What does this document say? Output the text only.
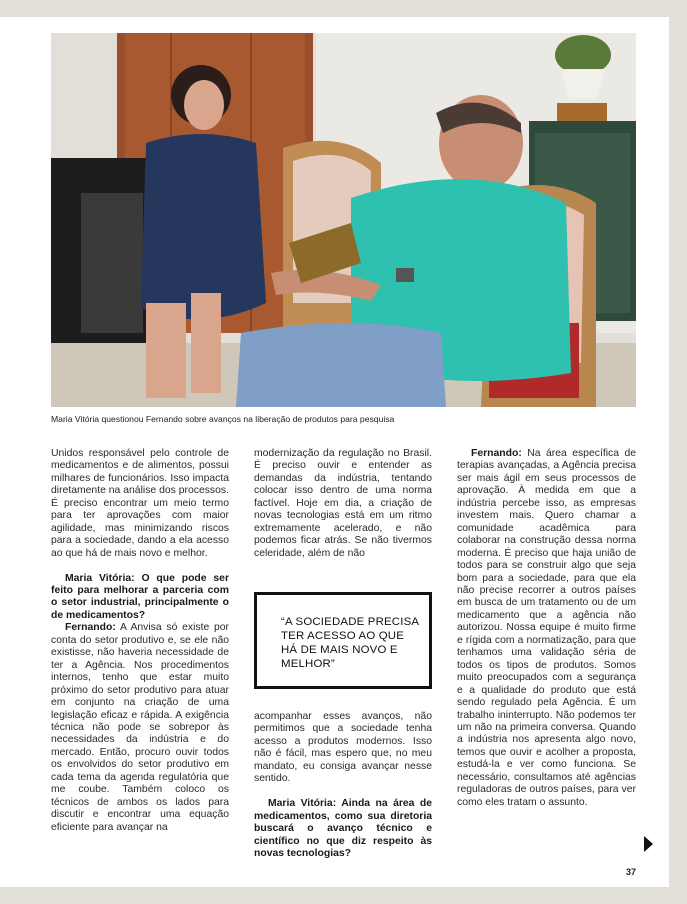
Maria Vitória questionou Fernando sobre avanços na liberação de produtos para pesquisa

Unidos responsável pelo controle de medicamentos e de alimentos, possui milhares de funcionários. Isso impacta diretamente na análise dos processos. É preciso encontrar um meio termo para ter aprovações com maior agilidade, mas minimizando riscos para a sociedade, dando a ela acesso ao que há de mais novo e melhor.

Maria Vitória: O que pode ser feito para melhorar a parceria com o setor industrial, principalmente o de medicamentos?

Fernando: A Anvisa só existe por conta do setor produtivo e, se ele não existisse, não haveria necessidade de ter a Agência. Nos procedimentos internos, tenho que estar muito próximo do setor produtivo para atuar em conjunto na criação de uma legislação eficaz e rápida. A exigência técnica não pode se sobrepor às necessidades da indústria e do mercado. Então, procuro ouvir todos os envolvidos do setor produtivo em cada tema da agenda regulatória que me coube. Também coloco os técnicos de ambos os lados para discutir e encontrar uma equação eficiente para avançar na

modernização da regulação no Brasil. É preciso ouvir e entender as demandas da indústria, tentando colocar isso dentro de uma norma factível. Hoje em dia, a criação de novas tecnologias está em um ritmo extremamente acelerado, e não podemos ficar atrás. Se não tivermos celeridade, além de não

“A SOCIEDADE PRECISA TER ACESSO AO QUE HÁ DE MAIS NOVO E MELHOR”

acompanhar esses avanços, não permitimos que a sociedade tenha acesso a produtos modernos. Isso não é fácil, mas espero que, no meu mandato, eu consiga avançar nesse sentido.

Maria Vitória: Ainda na área de medicamentos, como sua diretoria buscará o avanço técnico e científico no que diz respeito às novas tecnologias?

Fernando: Na área específica de terapias avançadas, a Agência precisa ser mais ágil em seus processos de aprovação. À medida em que a indústria percebe isso, as empresas investem mais. Quero chamar a comunidade acadêmica para colaborar na construção dessa norma moderna. É preciso que haja união de todos para se construir algo que seja bom para a sociedade, para que ela não precise recorrer a outros países em busca de um tratamento ou de um medicamento que a agência não autorizou. Nossa equipe é muito firme e rígida com a normatização, para que tenhamos uma validação séria de todos os tipos de produtos. Somos muito preocupados com a segurança e a qualidade do produto que está sendo regulado pela Agência. É um trabalho ininterrupto. Não podemos ter um não na primeira conversa. Quando a indústria nos apresenta algo novo, temos que ouvir e acolher a proposta, estudá-la e ver como funciona. Se necessário, consultamos até agências reguladoras de outros países, para ver como eles tratam o assunto.

37
